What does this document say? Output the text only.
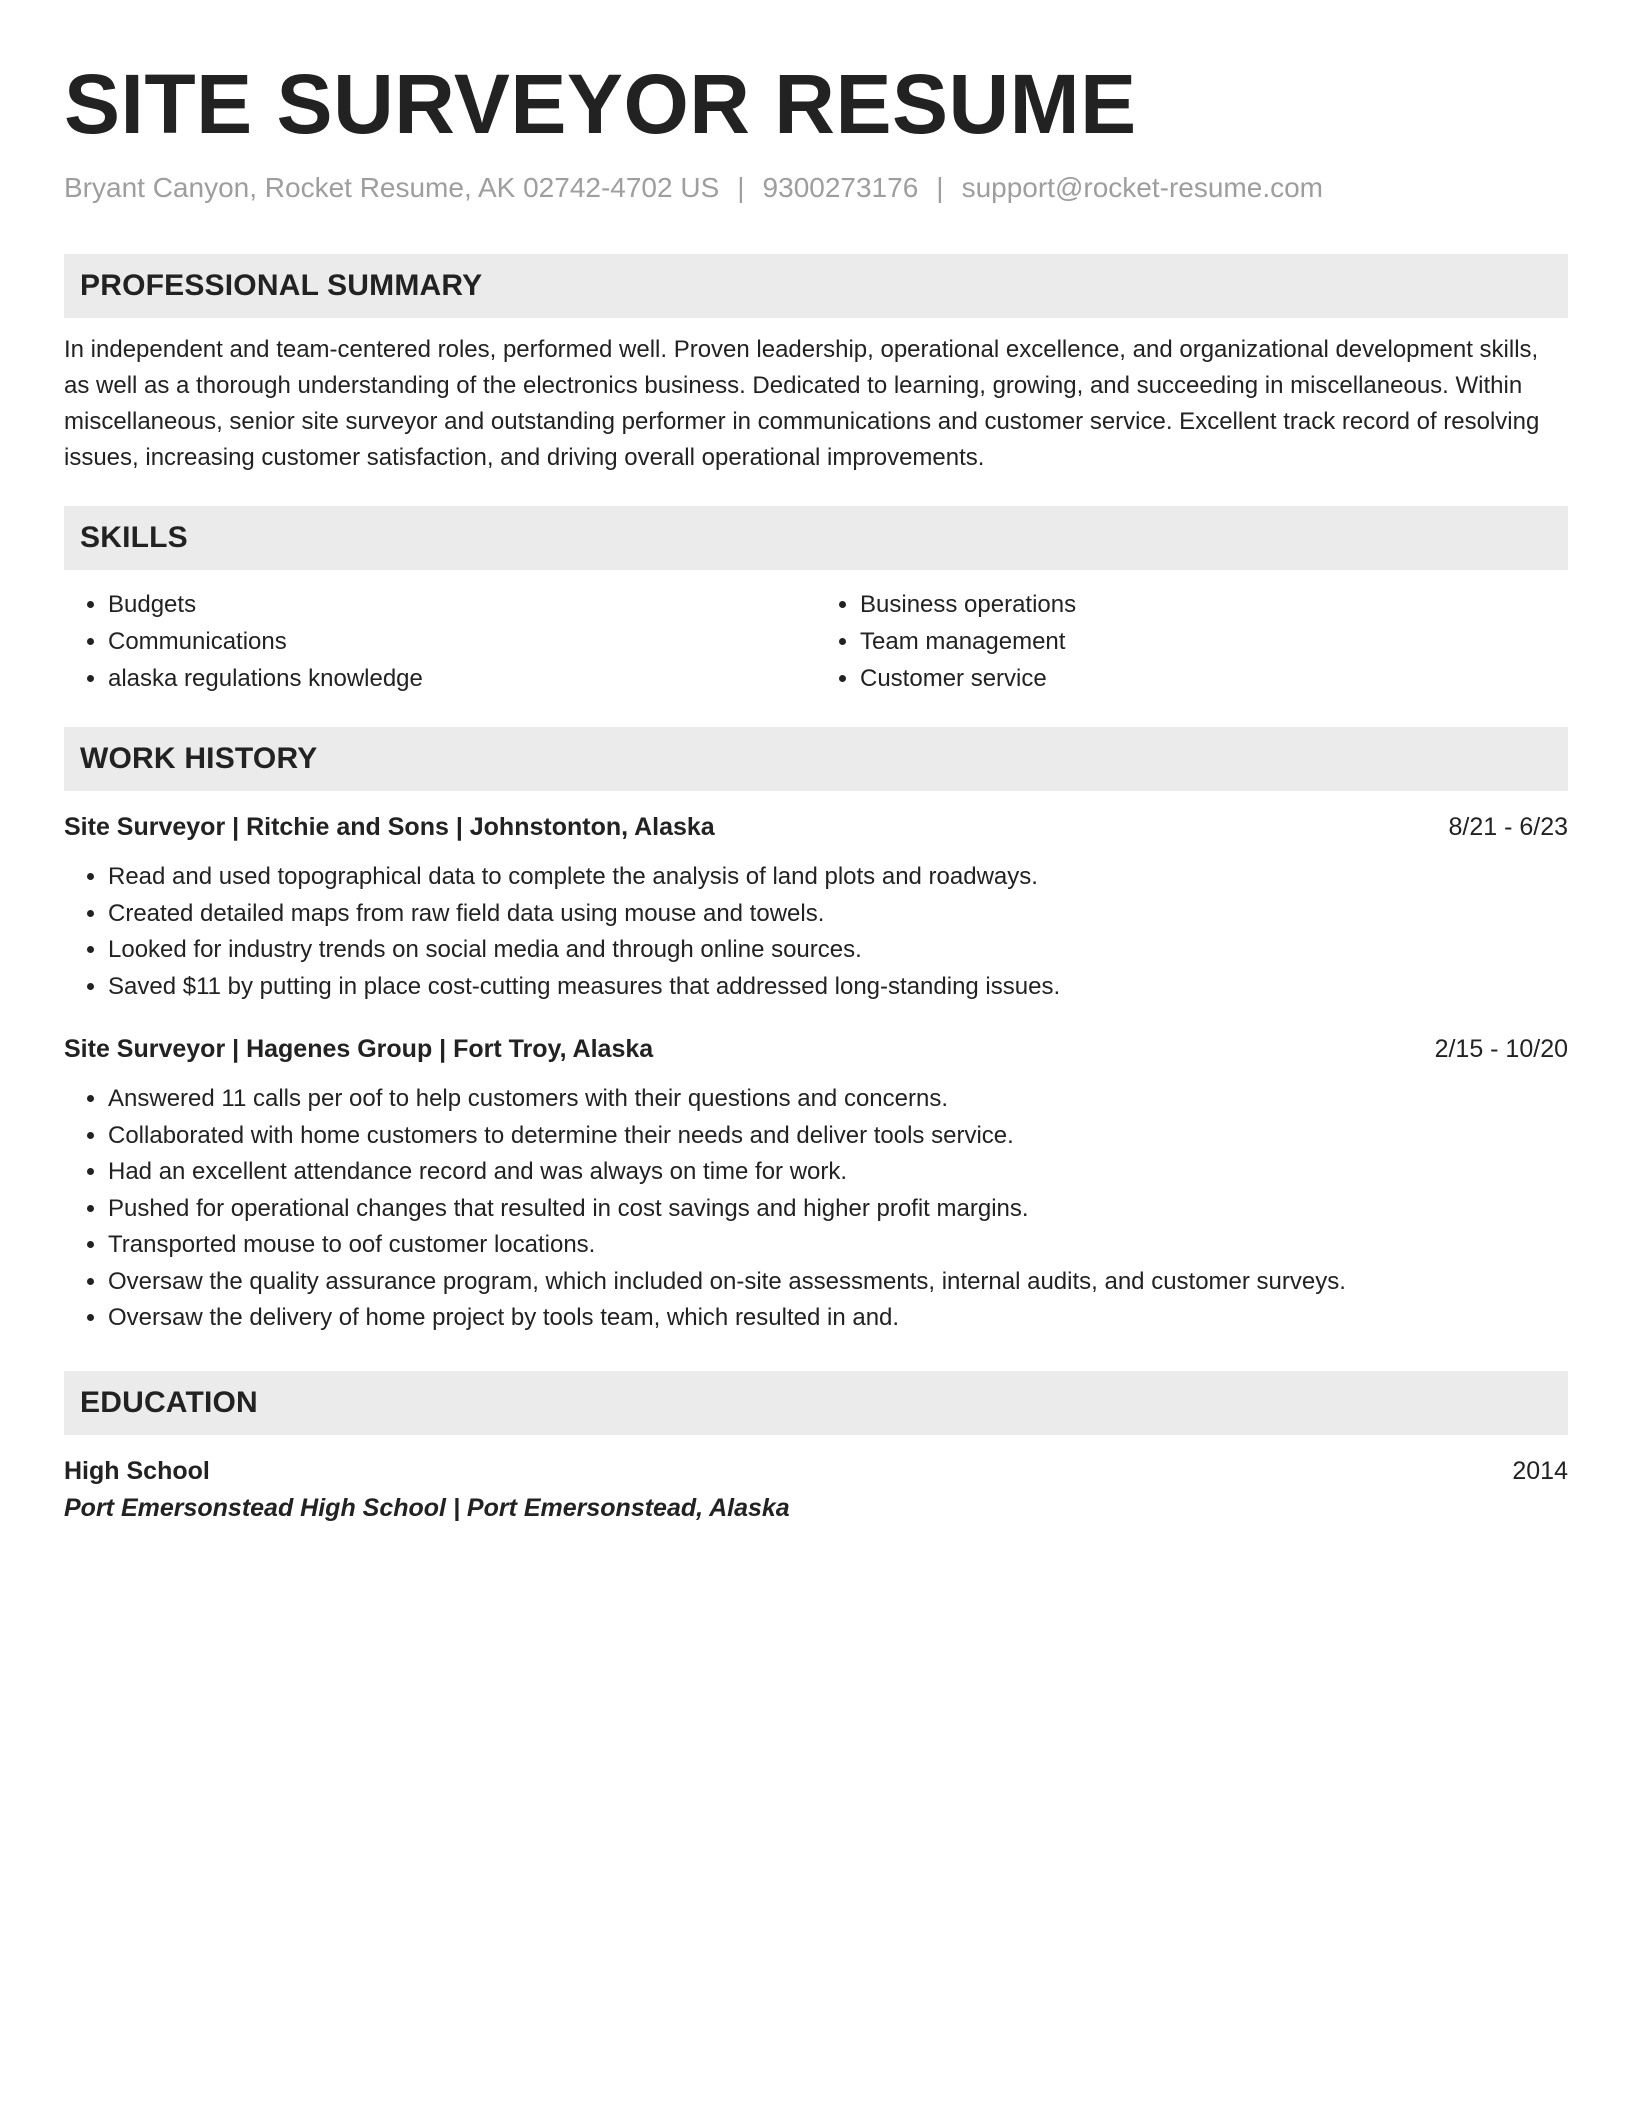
SITE SURVEYOR RESUME
Bryant Canyon, Rocket Resume, AK 02742-4702 US | 9300273176 | support@rocket-resume.com
PROFESSIONAL SUMMARY

In independent and team-centered roles, performed well. Proven leadership, operational excellence, and organizational development skills, as well as a thorough understanding of the electronics business. Dedicated to learning, growing, and succeeding in miscellaneous. Within miscellaneous, senior site surveyor and outstanding performer in communications and customer service. Excellent track record of resolving issues, increasing customer satisfaction, and driving overall operational improvements.

SKILLS
• Budgets
• Communications
• alaska regulations knowledge
• Business operations
• Team management
• Customer service
WORK HISTORY
Site Surveyor | Ritchie and Sons | Johnstonton, Alaska	8/21 - 6/23
• Read and used topographical data to complete the analysis of land plots and roadways.
• Created detailed maps from raw field data using mouse and towels.
• Looked for industry trends on social media and through online sources.
• Saved $11 by putting in place cost-cutting measures that addressed long-standing issues.
Site Surveyor | Hagenes Group | Fort Troy, Alaska	2/15 - 10/20
• Answered 11 calls per oof to help customers with their questions and concerns.
• Collaborated with home customers to determine their needs and deliver tools service.
• Had an excellent attendance record and was always on time for work.
• Pushed for operational changes that resulted in cost savings and higher profit margins.
• Transported mouse to oof customer locations.
• Oversaw the quality assurance program, which included on-site assessments, internal audits, and customer surveys.
• Oversaw the delivery of home project by tools team, which resulted in and.
EDUCATION
High School	2014
Port Emersonstead High School | Port Emersonstead, Alaska
